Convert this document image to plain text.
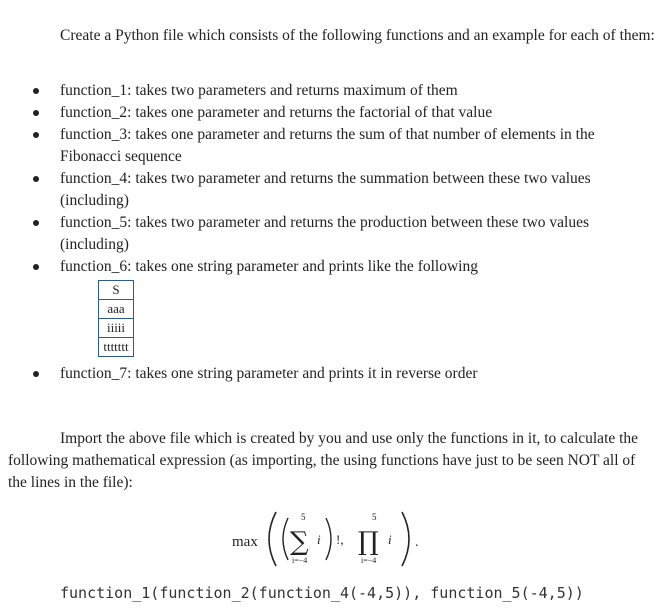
Create a Python file which consists of the following functions and an example for each of them:

function_1: takes two parameters and returns maximum of them
function_2: takes one parameter and returns the factorial of that value
function_3: takes one parameter and returns the sum of that number of elements in the Fibonacci sequence
function_4: takes two parameter and returns the summation between these two values (including)
function_5: takes two parameter and returns the production between these two values (including)
function_6: takes one string parameter and prints like the following
S
aaa
iiiii
ttttttt
function_7: takes one string parameter and prints it in reverse order

Import the above file which is created by you and use only the functions in it, to calculate the following mathematical expression (as importing, the using functions have just to be seen NOT all of the lines in the file):

max
5
∑
i=−4
i !,
5
∏
i=−4
i .
function_1(function_2(function_4(-4,5)), function_5(-4,5))
